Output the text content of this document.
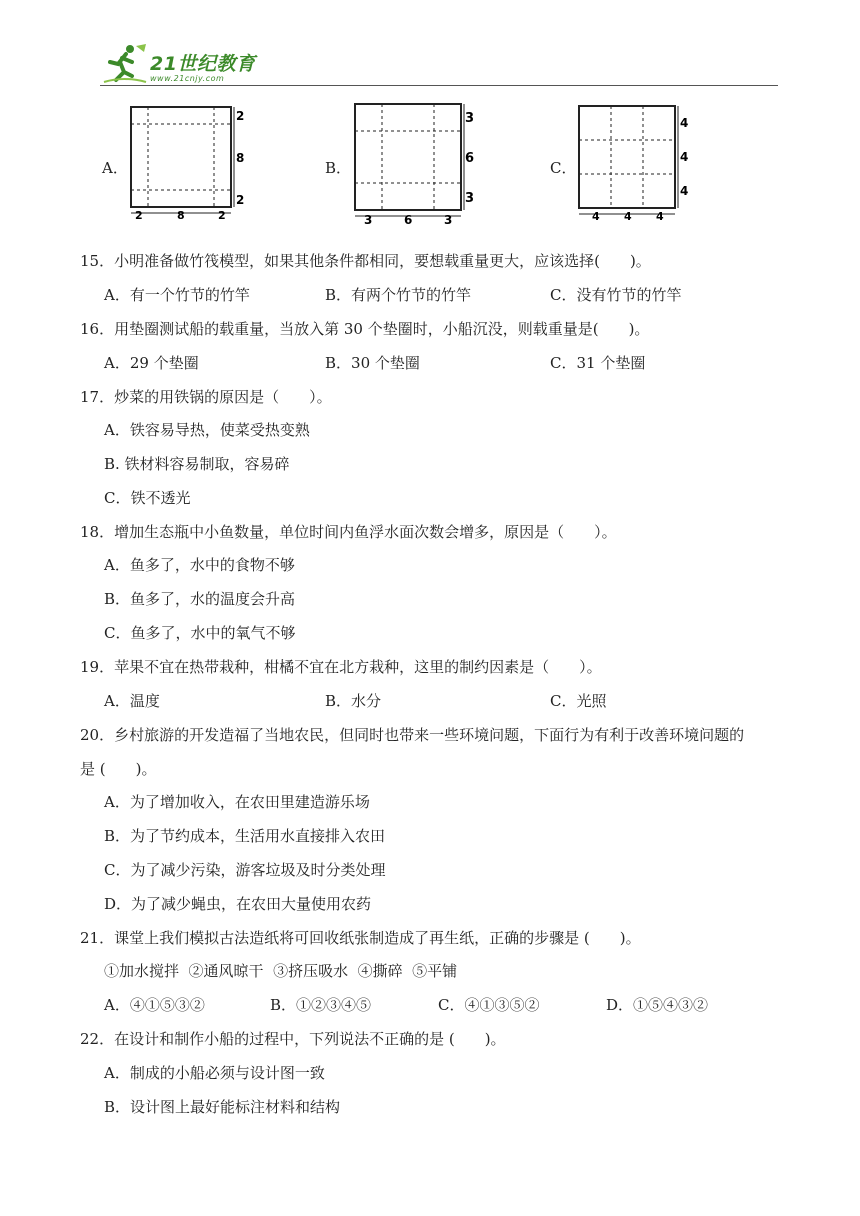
21世纪教育
www.21cnjy.com
A．
2
8
2
2	8	2
B．
3
6
3
3	6	3
C．
4
4
4
4 4 4
15．小明准备做竹筏模型，如果其他条件都相同，要想载重量更大，应该选择(　　)。
A．有一个竹节的竹竿	B．有两个竹节的竹竿	C．没有竹节的竹竿
16．用垫圈测试船的载重量，当放入第 30 个垫圈时，小船沉没，则载重量是(　　)。
A．29 个垫圈	B．30 个垫圈	C．31 个垫圈
17．炒菜的用铁锅的原因是（　　）。
A．铁容易导热，使菜受热变熟
B. 铁材料容易制取，容易碎
C．铁不透光
18．增加生态瓶中小鱼数量，单位时间内鱼浮水面次数会增多，原因是（　　）。
A．鱼多了，水中的食物不够
B．鱼多了，水的温度会升高
C．鱼多了，水中的氧气不够
19．苹果不宜在热带栽种，柑橘不宜在北方栽种，这里的制约因素是（　　）。
A．温度	B．水分	C．光照
20．乡村旅游的开发造福了当地农民，但同时也带来一些环境问题，下面行为有利于改善环境问题的
是 (　　)。
A．为了增加收入，在农田里建造游乐场
B．为了节约成本，生活用水直接排入农田
C．为了减少污染，游客垃圾及时分类处理
D．为了减少蝇虫，在农田大量使用农药
21．课堂上我们模拟古法造纸将可回收纸张制造成了再生纸，正确的步骤是 (　　)。
①加水搅拌  ②通风晾干  ③挤压吸水  ④撕碎  ⑤平铺
A．④①⑤③②	B．①②③④⑤	C．④①③⑤②	D．①⑤④③②
22．在设计和制作小船的过程中，下列说法不正确的是 (　　)。
A．制成的小船必须与设计图一致
B．设计图上最好能标注材料和结构
